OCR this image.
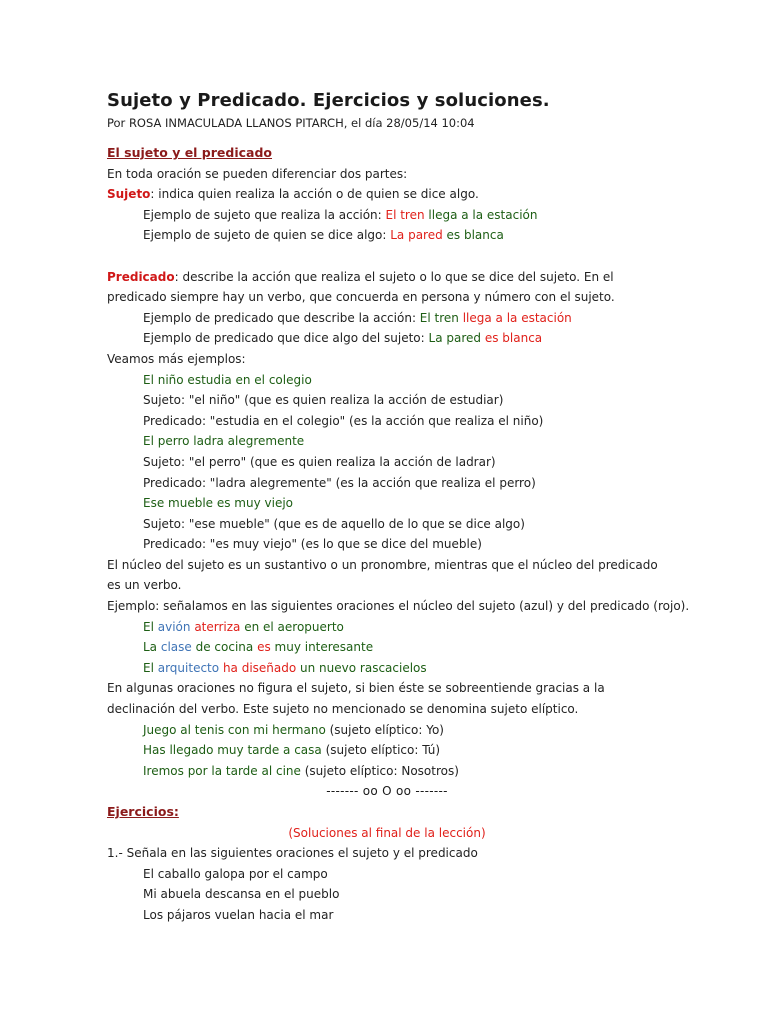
Sujeto y Predicado. Ejercicios y soluciones.
Por ROSA INMACULADA LLANOS PITARCH, el día 28/05/14 10:04
El sujeto y el predicado
En toda oración se pueden diferenciar dos partes:
Sujeto: indica quien realiza la acción o de quien se dice algo.
Ejemplo de sujeto que realiza la acción: El tren llega a la estación
Ejemplo de sujeto de quien se dice algo: La pared es blanca
Predicado: describe la acción que realiza el sujeto o lo que se dice del sujeto. En el predicado siempre hay un verbo, que concuerda en persona y número con el sujeto.
Ejemplo de predicado que describe la acción: El tren llega a la estación
Ejemplo de predicado que dice algo del sujeto: La pared es blanca
Veamos más ejemplos:
El niño estudia en el colegio
Sujeto: "el niño" (que es quien realiza la acción de estudiar)
Predicado: "estudia en el colegio" (es la acción que realiza el niño)
El perro ladra alegremente
Sujeto: "el perro" (que es quien realiza la acción de ladrar)
Predicado: "ladra alegremente" (es la acción que realiza el perro)
Ese mueble es muy viejo
Sujeto: "ese mueble" (que es de aquello de lo que se dice algo)
Predicado: "es muy viejo" (es lo que se dice del mueble)
El núcleo del sujeto es un sustantivo o un pronombre, mientras que el núcleo del predicado es un verbo.
Ejemplo: señalamos en las siguientes oraciones el núcleo del sujeto (azul) y del predicado (rojo).
El avión aterriza en el aeropuerto
La clase de cocina es muy interesante
El arquitecto ha diseñado un nuevo rascacielos
En algunas oraciones no figura el sujeto, si bien éste se sobreentiende gracias a la declinación del verbo. Este sujeto no mencionado se denomina sujeto elíptico.
Juego al tenis con mi hermano (sujeto elíptico: Yo)
Has llegado muy tarde a casa (sujeto elíptico: Tú)
Iremos por la tarde al cine (sujeto elíptico: Nosotros)
------- oo O oo -------
Ejercicios:
(Soluciones al final de la lección)
1.- Señala en las siguientes oraciones el sujeto y el predicado
El caballo galopa por el campo
Mi abuela descansa en el pueblo
Los pájaros vuelan hacia el mar
